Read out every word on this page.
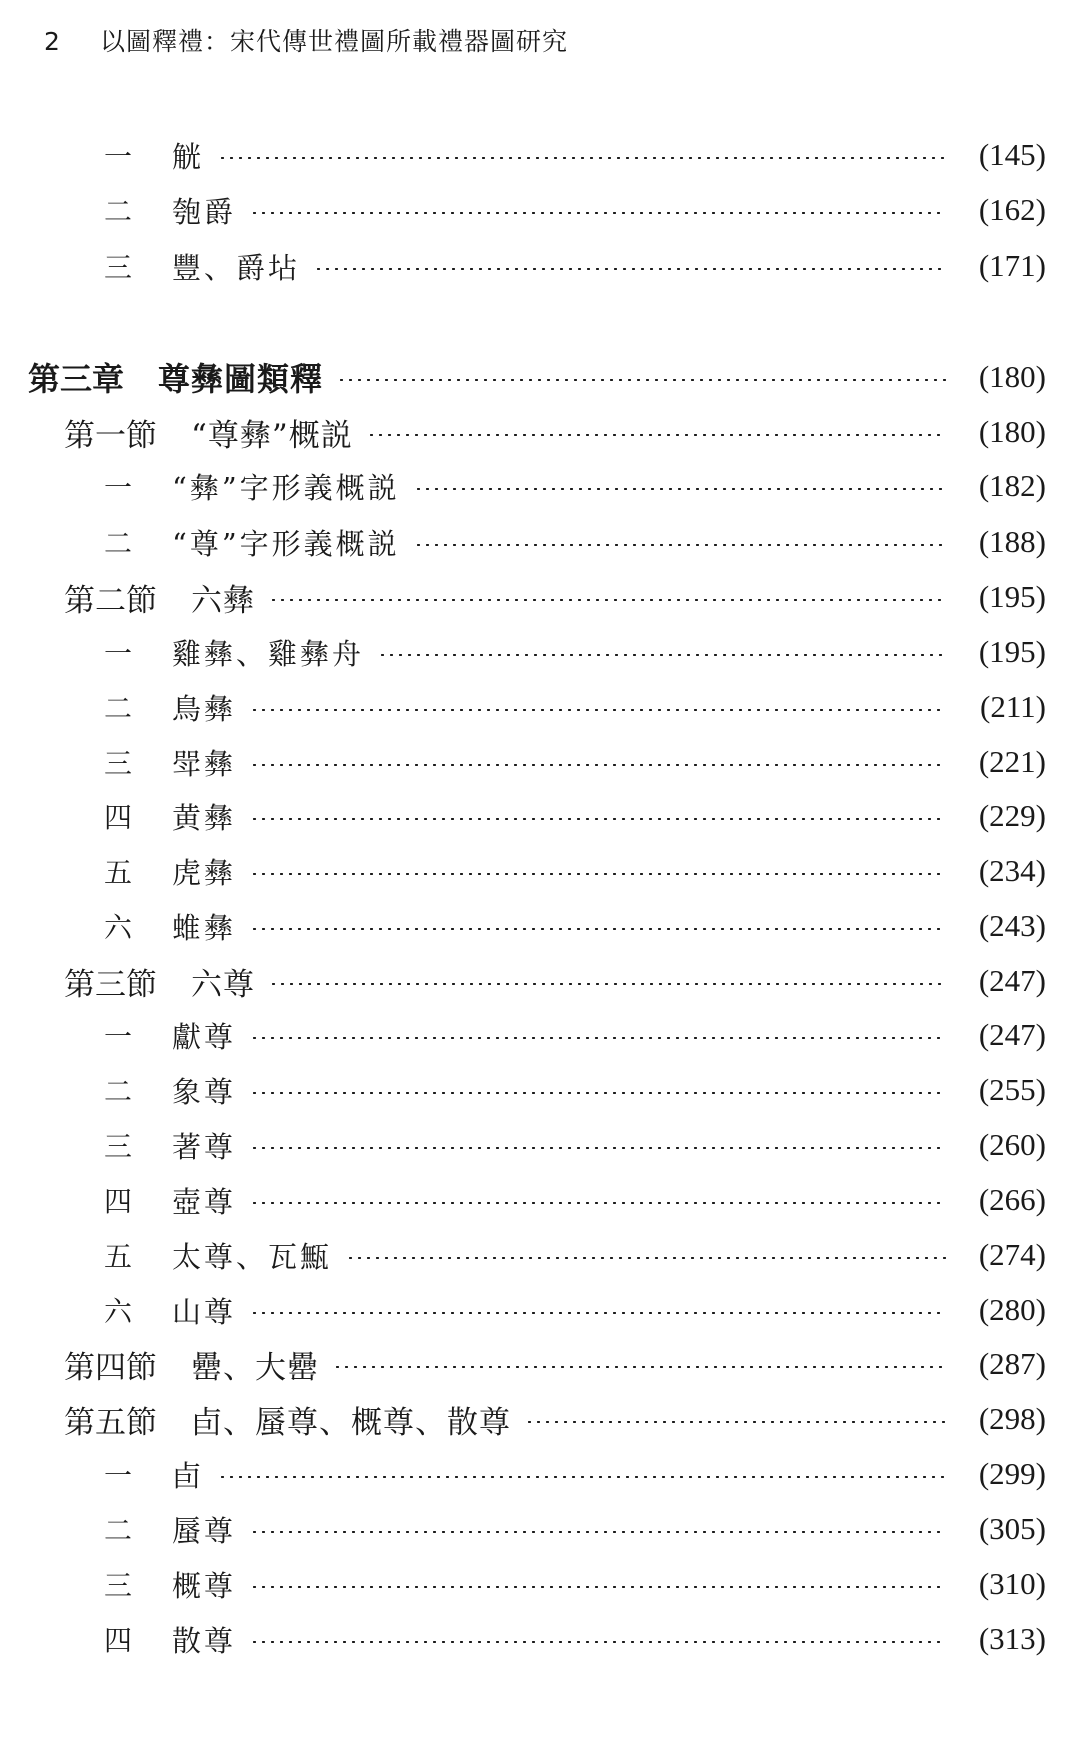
2 以圖釋禮：宋代傳世禮圖所載禮器圖研究
一	觥	(145)
二	匏爵	(162)
三	豐、爵坫	(171)
第三章 尊彝圖類釋	(180)
第一節 “尊彝”概説	(180)
一	“彝”字形義概説	(182)
二	“尊”字形義概説	(188)
第二節 六彝	(195)
一	雞彝、雞彝舟	(195)
二	鳥彝	(211)
三	斝彝	(221)
四	黄彝	(229)
五	虎彝	(234)
六	蜼彝	(243)
第三節 六尊	(247)
一	獻尊	(247)
二	象尊	(255)
三	著尊	(260)
四	壺尊	(266)
五	太尊、瓦甒	(274)
六	山尊	(280)
第四節 罍、大罍	(287)
第五節 卣、蜃尊、概尊、散尊	(298)
一	卣	(299)
二	蜃尊	(305)
三	概尊	(310)
四	散尊	(313)
